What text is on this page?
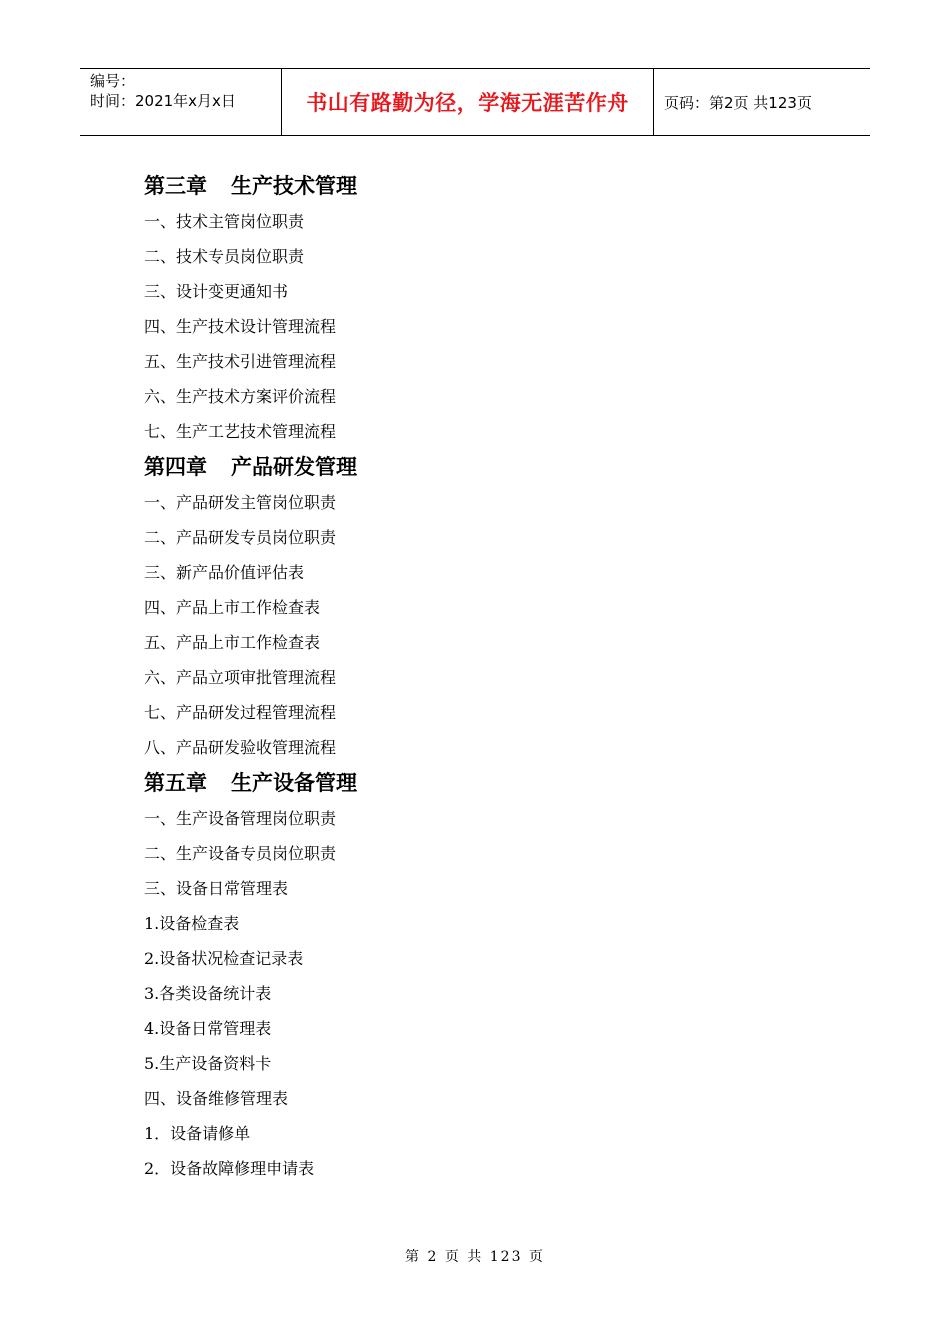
编号：
时间：2021年x月x日	书山有路勤为径，学海无涯苦作舟	页码：第2页 共123页
第三章 生产技术管理
一、技术主管岗位职责
二、技术专员岗位职责
三、设计变更通知书
四、生产技术设计管理流程
五、生产技术引进管理流程
六、生产技术方案评价流程
七、生产工艺技术管理流程
第四章 产品研发管理
一、产品研发主管岗位职责
二、产品研发专员岗位职责
三、新产品价值评估表
四、产品上市工作检查表
五、产品上市工作检查表
六、产品立项审批管理流程
七、产品研发过程管理流程
八、产品研发验收管理流程
第五章 生产设备管理
一、生产设备管理岗位职责
二、生产设备专员岗位职责
三、设备日常管理表
1.设备检查表
2.设备状况检查记录表
3.各类设备统计表
4.设备日常管理表
5.生产设备资料卡
四、设备维修管理表
1．设备请修单
2．设备故障修理申请表
第 2 页 共 123 页
